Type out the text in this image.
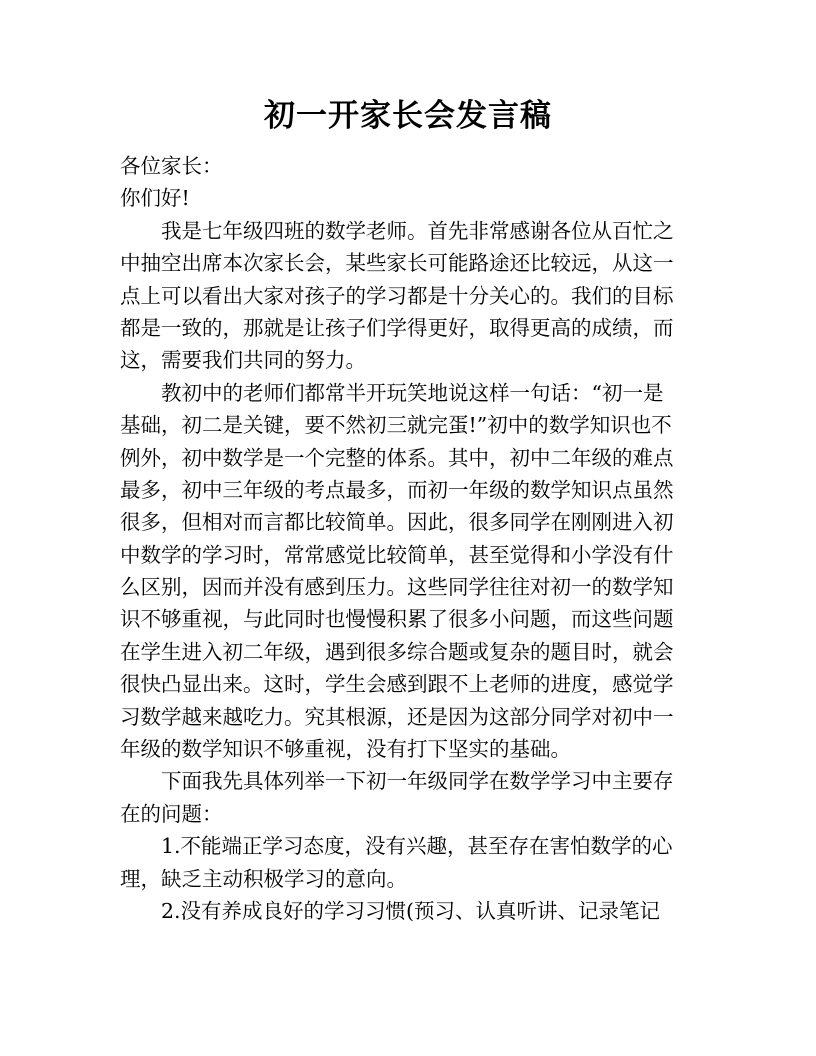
初一开家长会发言稿
各位家长：
你们好!
我是七年级四班的数学老师。首先非常感谢各位从百忙之
中抽空出席本次家长会，某些家长可能路途还比较远，从这一
点上可以看出大家对孩子的学习都是十分关心的。我们的目标
都是一致的，那就是让孩子们学得更好，取得更高的成绩，而
这，需要我们共同的努力。
教初中的老师们都常半开玩笑地说这样一句话：“初一是
基础，初二是关键，要不然初三就完蛋!”初中的数学知识也不
例外，初中数学是一个完整的体系。其中，初中二年级的难点
最多，初中三年级的考点最多，而初一年级的数学知识点虽然
很多，但相对而言都比较简单。因此，很多同学在刚刚进入初
中数学的学习时，常常感觉比较简单，甚至觉得和小学没有什
么区别，因而并没有感到压力。这些同学往往对初一的数学知
识不够重视，与此同时也慢慢积累了很多小问题，而这些问题
在学生进入初二年级，遇到很多综合题或复杂的题目时，就会
很快凸显出来。这时，学生会感到跟不上老师的进度，感觉学
习数学越来越吃力。究其根源，还是因为这部分同学对初中一
年级的数学知识不够重视，没有打下坚实的基础。
下面我先具体列举一下初一年级同学在数学学习中主要存
在的问题：
1.不能端正学习态度，没有兴趣，甚至存在害怕数学的心
理，缺乏主动积极学习的意向。
2.没有养成良好的学习习惯(预习、认真听讲、记录笔记
